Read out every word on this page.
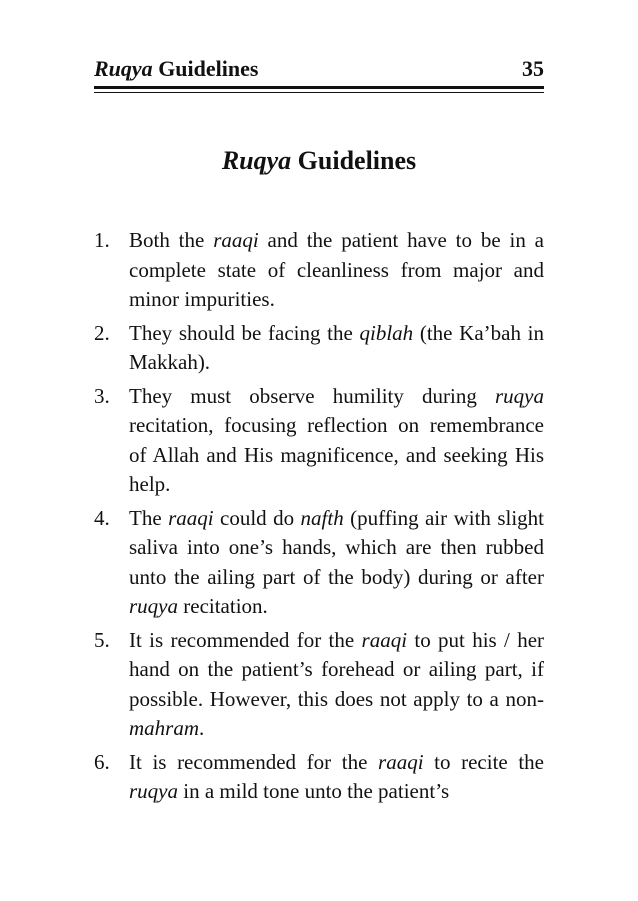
Ruqya Guidelines	35
Ruqya Guidelines
1. Both the raaqi and the patient have to be in a complete state of cleanliness from major and minor impurities.
2. They should be facing the qiblah (the Ka’bah in Makkah).
3. They must observe humility during ruqya recitation, focusing reflection on remembrance of Allah and His magnificence, and seeking His help.
4. The raaqi could do nafth (puffing air with slight saliva into one’s hands, which are then rubbed unto the ailing part of the body) during or after ruqya recitation.
5. It is recommended for the raaqi to put his / her hand on the patient’s forehead or ailing part, if possible. However, this does not apply to a non-mahram.
6. It is recommended for the raaqi to recite the ruqya in a mild tone unto the patient’s
